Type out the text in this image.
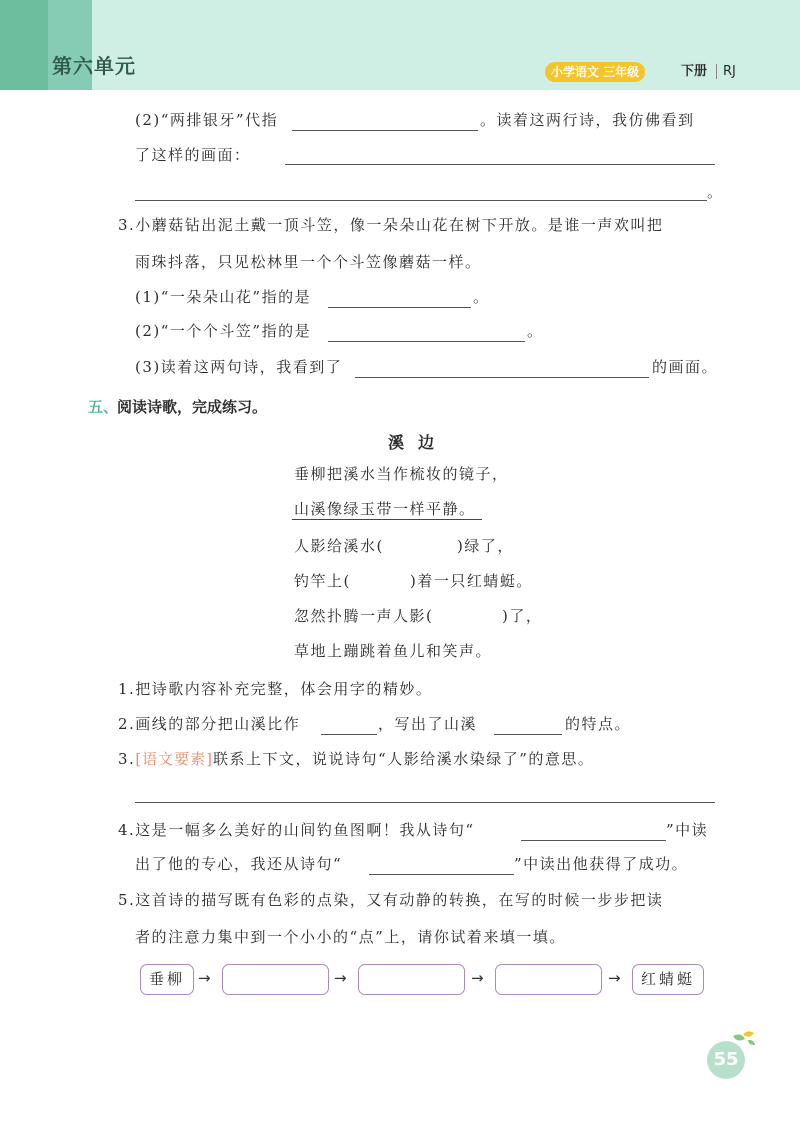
第六单元	小学语文 三年级	下册 RJ
(2)“两排银牙”代指	。读着这两行诗，我仿佛看到
了这样的画面：
。
3.小蘑菇钻出泥土戴一顶斗笠，像一朵朵山花在树下开放。是谁一声欢叫把
雨珠抖落，只见松林里一个个斗笠像蘑菇一样。
(1)“一朵朵山花”指的是	。
(2)“一个个斗笠”指的是	。
(3)读着这两句诗，我看到了	的画面。
五、
阅读诗歌，完成练习。
溪边
垂柳把溪水当作梳妆的镜子，
山溪像绿玉带一样平静。
人影给溪水(	)绿了，
钓竿上(	)着一只红蜻蜓。
忽然扑腾一声人影(	)了，
草地上蹦跳着鱼儿和笑声。
1.把诗歌内容补充完整，体会用字的精妙。
2.画线的部分把山溪比作	，写出了山溪	的特点。
3.[语文要素]联系上下文，说说诗句“人影给溪水染绿了”的意思。
4.这是一幅多么美好的山间钓鱼图啊！我从诗句“	”中读
出了他的专心，我还从诗句“	”中读出他获得了成功。
5.这首诗的描写既有色彩的点染，又有动静的转换，在写的时候一步步把读
者的注意力集中到一个小小的“点”上，请你试着来填一填。
垂柳 →	→	→	→	红蜻蜓
55
